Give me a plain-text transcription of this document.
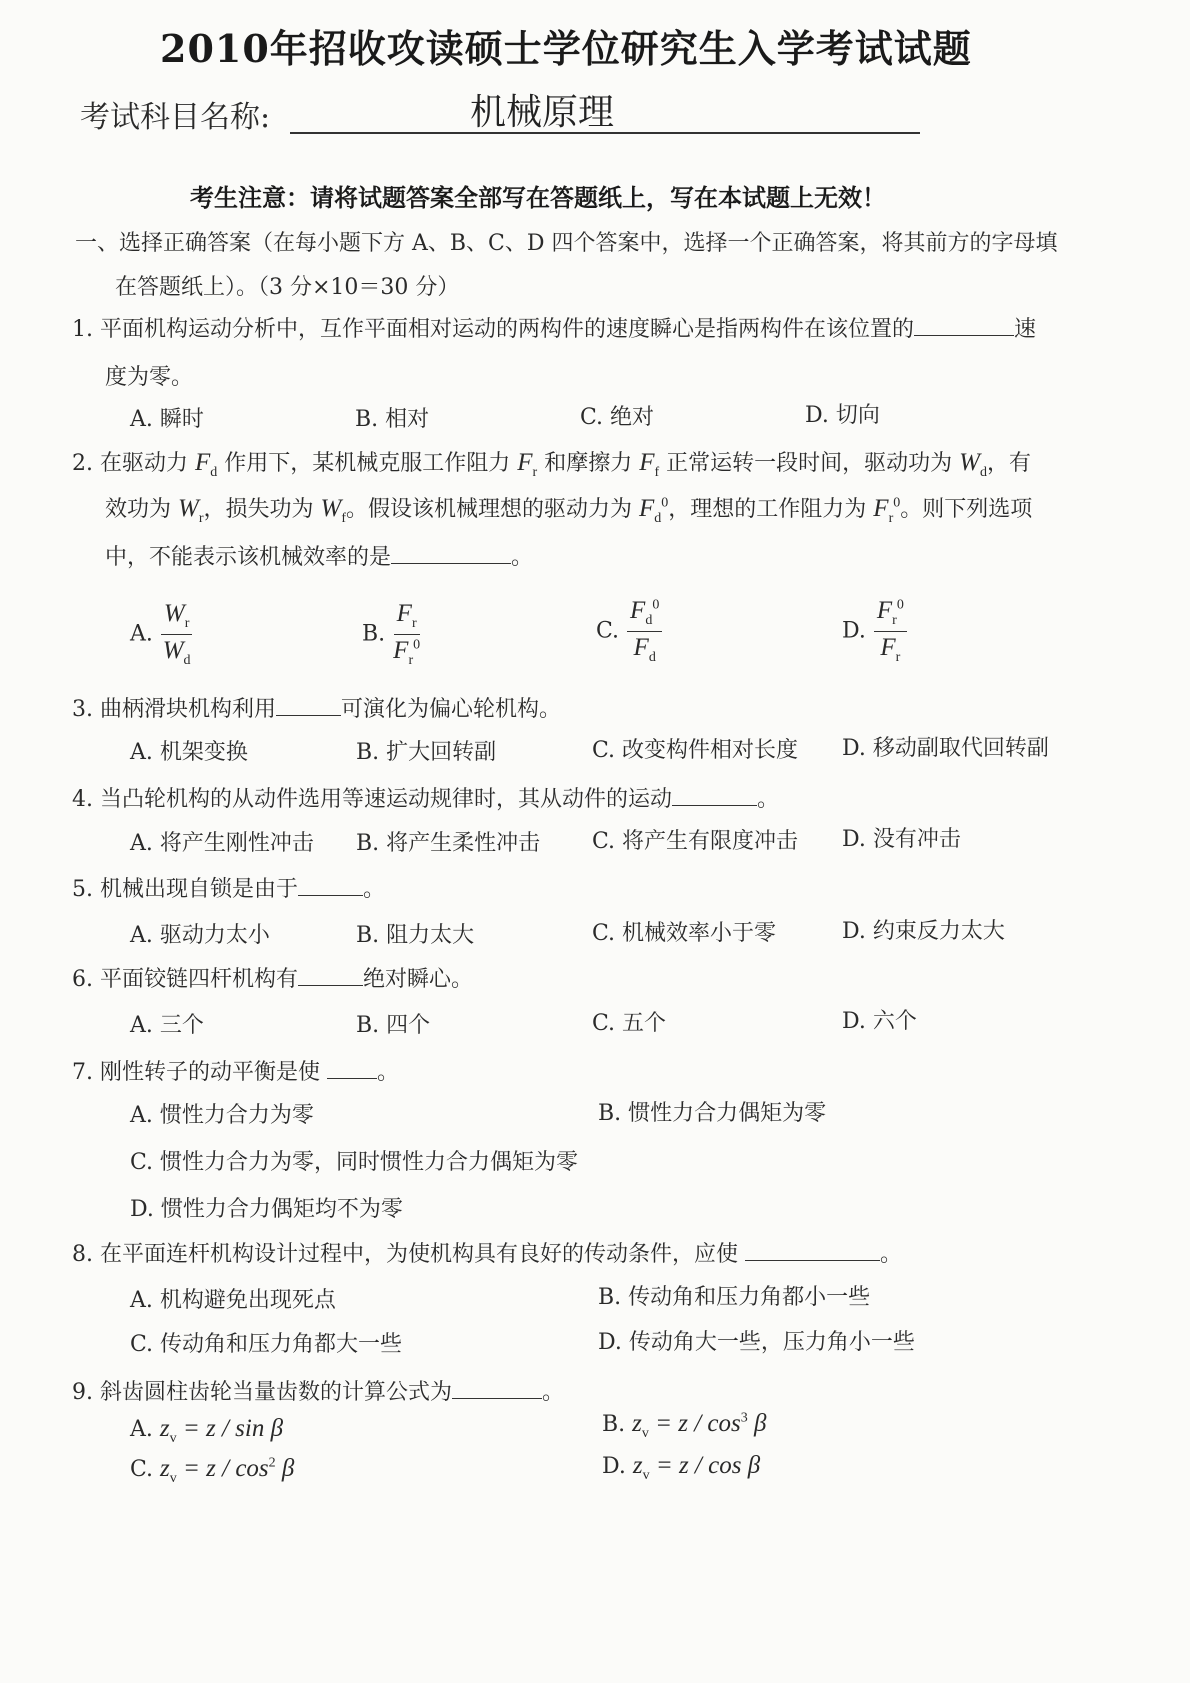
2010年招收攻读硕士学位研究生入学考试试题
考试科目名称:	机械原理
考生注意：请将试题答案全部写在答题纸上，写在本试题上无效！
一、选择正确答案（在每小题下方 A、B、C、D 四个答案中，选择一个正确答案，将其前方的字母填
在答题纸上）。（3 分×10＝30 分）
1. 平面机构运动分析中，互作平面相对运动的两构件的速度瞬心是指两构件在该位置的	速
度为零。
A. 瞬时	B. 相对	C. 绝对	D. 切向
2. 在驱动力 $F_d$ 作用下，某机械克服工作阻力 $F_r$ 和摩擦力 $F_f$ 正常运转一段时间，驱动功为 $W_d$，有
效功为 $W_r$，损失功为 $W_f$。假设该机械理想的驱动力为 $F_d^0$，理想的工作阻力为 $F_r^0$。则下列选项
中，不能表示该机械效率的是	。
A. $\frac{W_r}{W_d}$	B. $\frac{F_r}{F_r^0}$	C. $\frac{F_d^0}{F_d}$	D. $\frac{F_r^0}{F_r}$
3. 曲柄滑块机构利用	可演化为偏心轮机构。
A. 机架变换	B. 扩大回转副	C. 改变构件相对长度 D. 移动副取代回转副
4. 当凸轮机构的从动件选用等速运动规律时，其从动件的运动	。
A. 将产生刚性冲击 B. 将产生柔性冲击 C. 将产生有限度冲击 D. 没有冲击
5. 机械出现自锁是由于	。
A. 驱动力太小	B. 阻力太大	C. 机械效率小于零	D. 约束反力太大
6. 平面铰链四杆机构有	绝对瞬心。
A. 三个	B. 四个	C. 五个	D. 六个
7. 刚性转子的动平衡是使 。
A. 惯性力合力为零	B. 惯性力合力偶矩为零
C. 惯性力合力为零，同时惯性力合力偶矩为零
D. 惯性力合力偶矩均不为零
8. 在平面连杆机构设计过程中，为使机构具有良好的传动条件，应使	。
A. 机构避免出现死点	B. 传动角和压力角都小一些
C. 传动角和压力角都大一些	D. 传动角大一些，压力角小一些
9. 斜齿圆柱齿轮当量齿数的计算公式为	。
A. $z_v = z / \sin \beta$	B. $z_v = z / \cos^3 \beta$
C. $z_v = z / \cos^2 \beta$	D. $z_v = z / \cos \beta$
